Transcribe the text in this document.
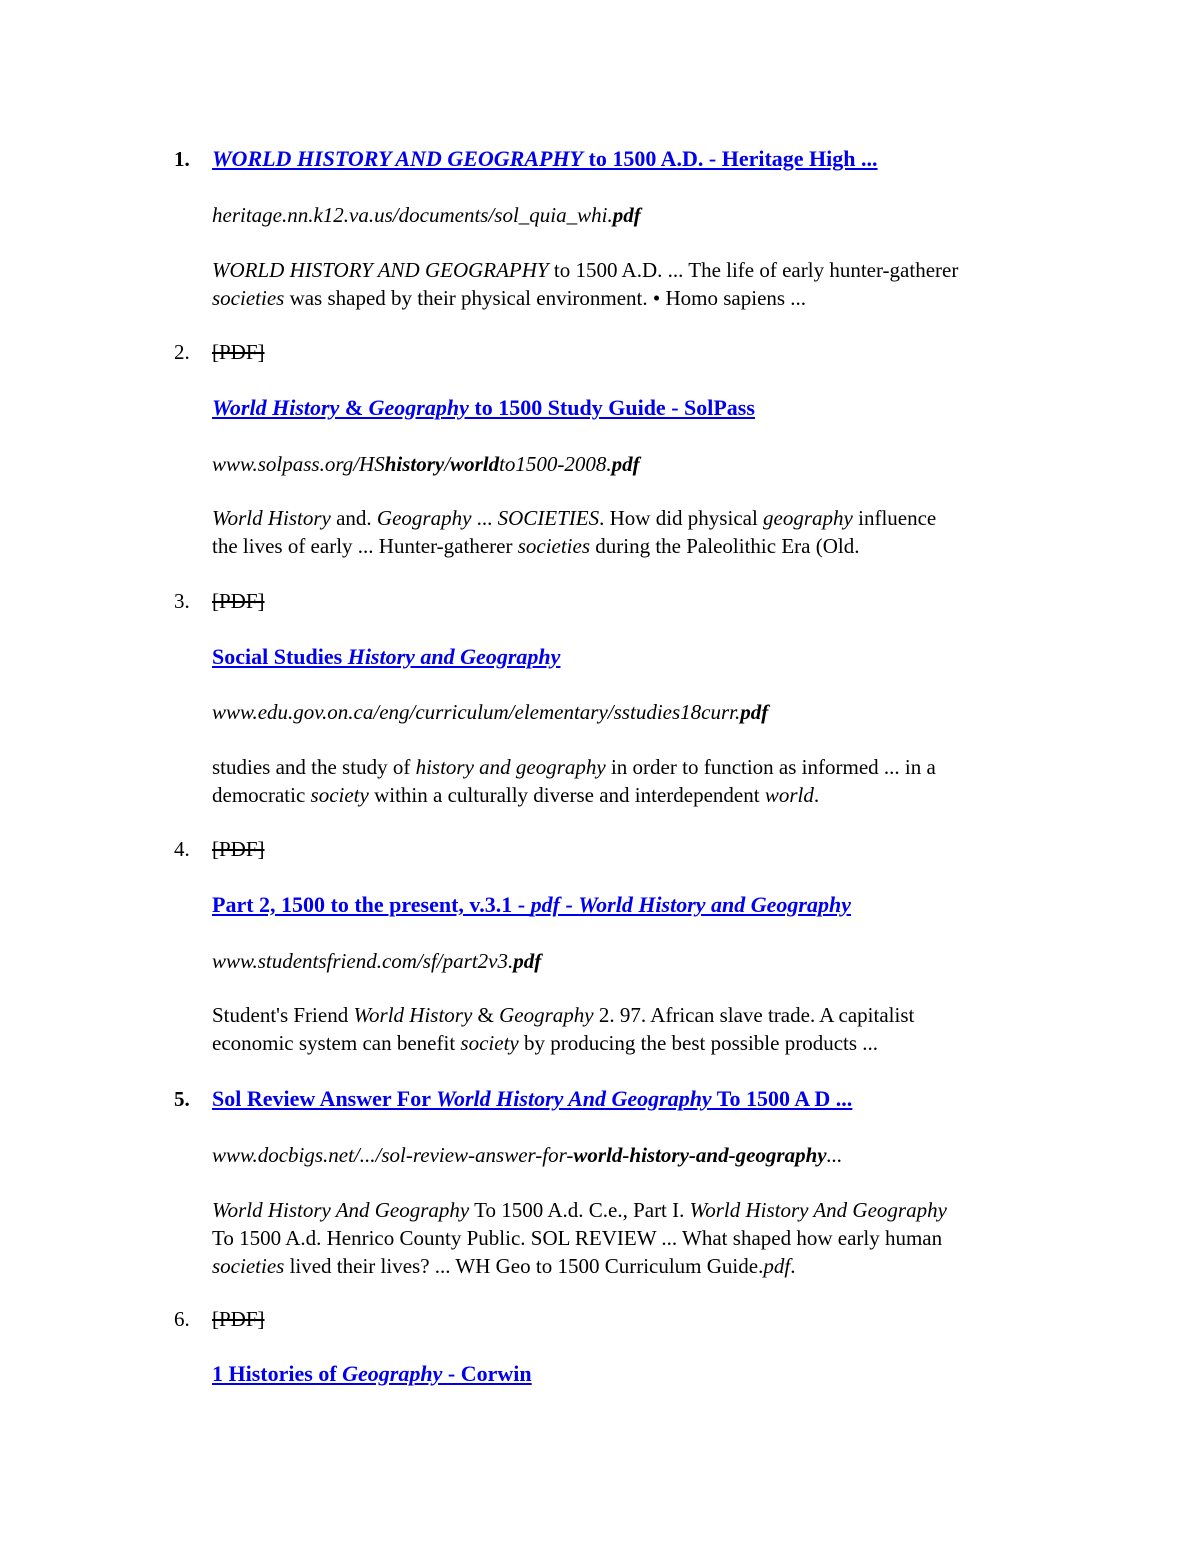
1. WORLD HISTORY AND GEOGRAPHY to 1500 A.D. - Heritage High ...
heritage.nn.k12.va.us/documents/sol_quia_whi.pdf
WORLD HISTORY AND GEOGRAPHY to 1500 A.D. ... The life of early hunter-gatherer
societies was shaped by their physical environment. • Homo sapiens ...
2. [PDF]
World History & Geography to 1500 Study Guide - SolPass
www.solpass.org/HShistory/worldto1500-2008.pdf
World History and. Geography ... SOCIETIES. How did physical geography influence
the lives of early ... Hunter-gatherer societies during the Paleolithic Era (Old.
3. [PDF]
Social Studies History and Geography
www.edu.gov.on.ca/eng/curriculum/elementary/sstudies18curr.pdf
studies and the study of history and geography in order to function as informed ... in a
democratic society within a culturally diverse and interdependent world.
4. [PDF]
Part 2, 1500 to the present, v.3.1 - pdf - World History and Geography
www.studentsfriend.com/sf/part2v3.pdf
Student's Friend World History & Geography 2. 97. African slave trade. A capitalist
economic system can benefit society by producing the best possible products ...
5. Sol Review Answer For World History And Geography To 1500 A D ...
www.docbigs.net/.../sol-review-answer-for-world-history-and-geography...
World History And Geography To 1500 A.d. C.e., Part I. World History And Geography
To 1500 A.d. Henrico County Public. SOL REVIEW ... What shaped how early human
societies lived their lives? ... WH Geo to 1500 Curriculum Guide.pdf.
6. [PDF]
1 Histories of Geography - Corwin
